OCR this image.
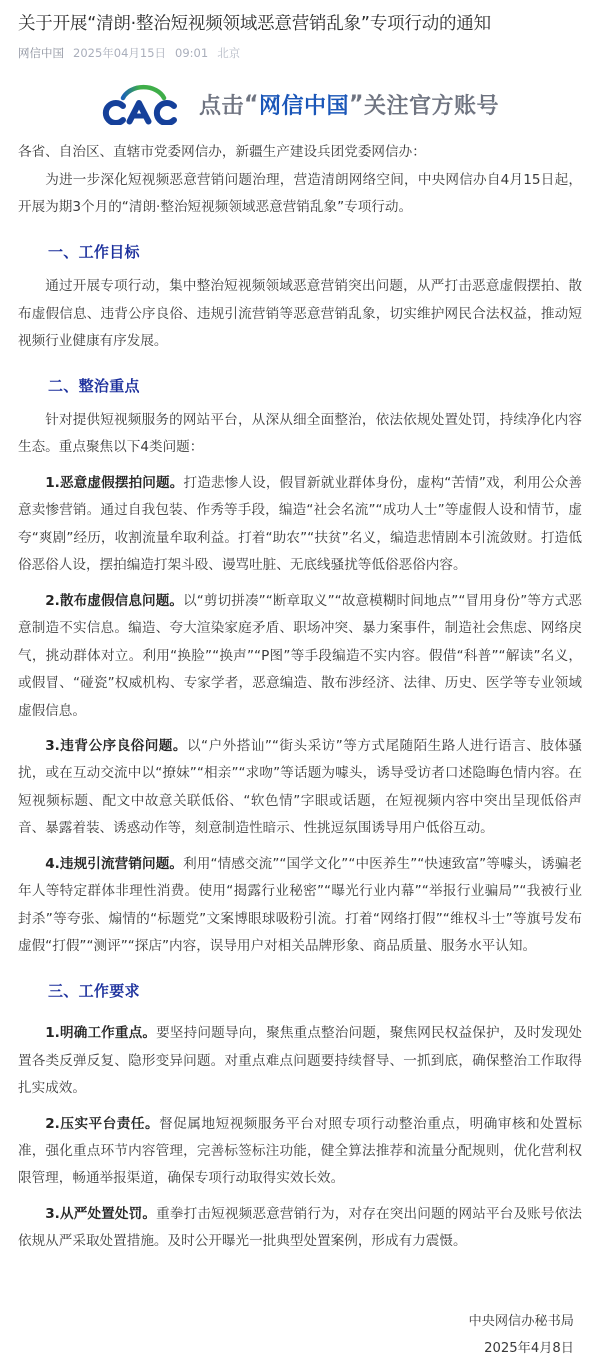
关于开展“清朗·整治短视频领域恶意营销乱象”专项行动的通知
网信中国 2025年04月15日 09:01 北京
点击 “ 网信中国 ” 关注官方账号
各省、自治区、直辖市党委网信办，新疆生产建设兵团党委网信办：

为进一步深化短视频恶意营销问题治理，营造清朗网络空间，中央网信办自4月15日起，开展为期3个月的“清朗·整治短视频领域恶意营销乱象”专项行动。

一、工作目标

通过开展专项行动，集中整治短视频领域恶意营销突出问题，从严打击恶意虚假摆拍、散布虚假信息、违背公序良俗、违规引流营销等恶意营销乱象，切实维护网民合法权益，推动短视频行业健康有序发展。

二、整治重点

针对提供短视频服务的网站平台，从深从细全面整治，依法依规处置处罚，持续净化内容生态。重点聚焦以下4类问题：

1.恶意虚假摆拍问题。打造悲惨人设，假冒新就业群体身份，虚构“苦情”戏，利用公众善意卖惨营销。通过自我包装、作秀等手段，编造“社会名流”“成功人士”等虚假人设和情节，虚夸“爽剧”经历，收割流量牟取利益。打着“助农”“扶贫”名义，编造悲情剧本引流敛财。打造低俗恶俗人设，摆拍编造打架斗殴、谩骂吐脏、无底线骚扰等低俗恶俗内容。

2.散布虚假信息问题。以“剪切拼凑”“断章取义”“故意模糊时间地点”“冒用身份”等方式恶意制造不实信息。编造、夸大渲染家庭矛盾、职场冲突、暴力案事件，制造社会焦虑、网络戾气，挑动群体对立。利用“换脸”“换声”“P图”等手段编造不实内容。假借“科普”“解读”名义，或假冒、“碰瓷”权威机构、专家学者，恶意编造、散布涉经济、法律、历史、医学等专业领域虚假信息。

3.违背公序良俗问题。以“户外搭讪”“街头采访”等方式尾随陌生路人进行语言、肢体骚扰，或在互动交流中以“撩妹”“相亲”“求吻”等话题为噱头，诱导受访者口述隐晦色情内容。在短视频标题、配文中故意关联低俗、“软色情”字眼或话题，在短视频内容中突出呈现低俗声音、暴露着装、诱惑动作等，刻意制造性暗示、性挑逗氛围诱导用户低俗互动。

4.违规引流营销问题。利用“情感交流”“国学文化”“中医养生”“快速致富”等噱头，诱骗老年人等特定群体非理性消费。使用“揭露行业秘密”“曝光行业内幕”“举报行业骗局”“我被行业封杀”等夸张、煽情的“标题党”文案博眼球吸粉引流。打着“网络打假”“维权斗士”等旗号发布虚假“打假”“测评”“探店”内容，误导用户对相关品牌形象、商品质量、服务水平认知。

三、工作要求

1.明确工作重点。要坚持问题导向，聚焦重点整治问题，聚焦网民权益保护，及时发现处置各类反弹反复、隐形变异问题。对重点难点问题要持续督导、一抓到底，确保整治工作取得扎实成效。

2.压实平台责任。督促属地短视频服务平台对照专项行动整治重点，明确审核和处置标准，强化重点环节内容管理，完善标签标注功能，健全算法推荐和流量分配规则，优化营利权限管理，畅通举报渠道，确保专项行动取得实效长效。

3.从严处置处罚。重拳打击短视频恶意营销行为，对存在突出问题的网站平台及账号依法依规从严采取处置措施。及时公开曝光一批典型处置案例，形成有力震慑。

中央网信办秘书局
2025年4月8日
